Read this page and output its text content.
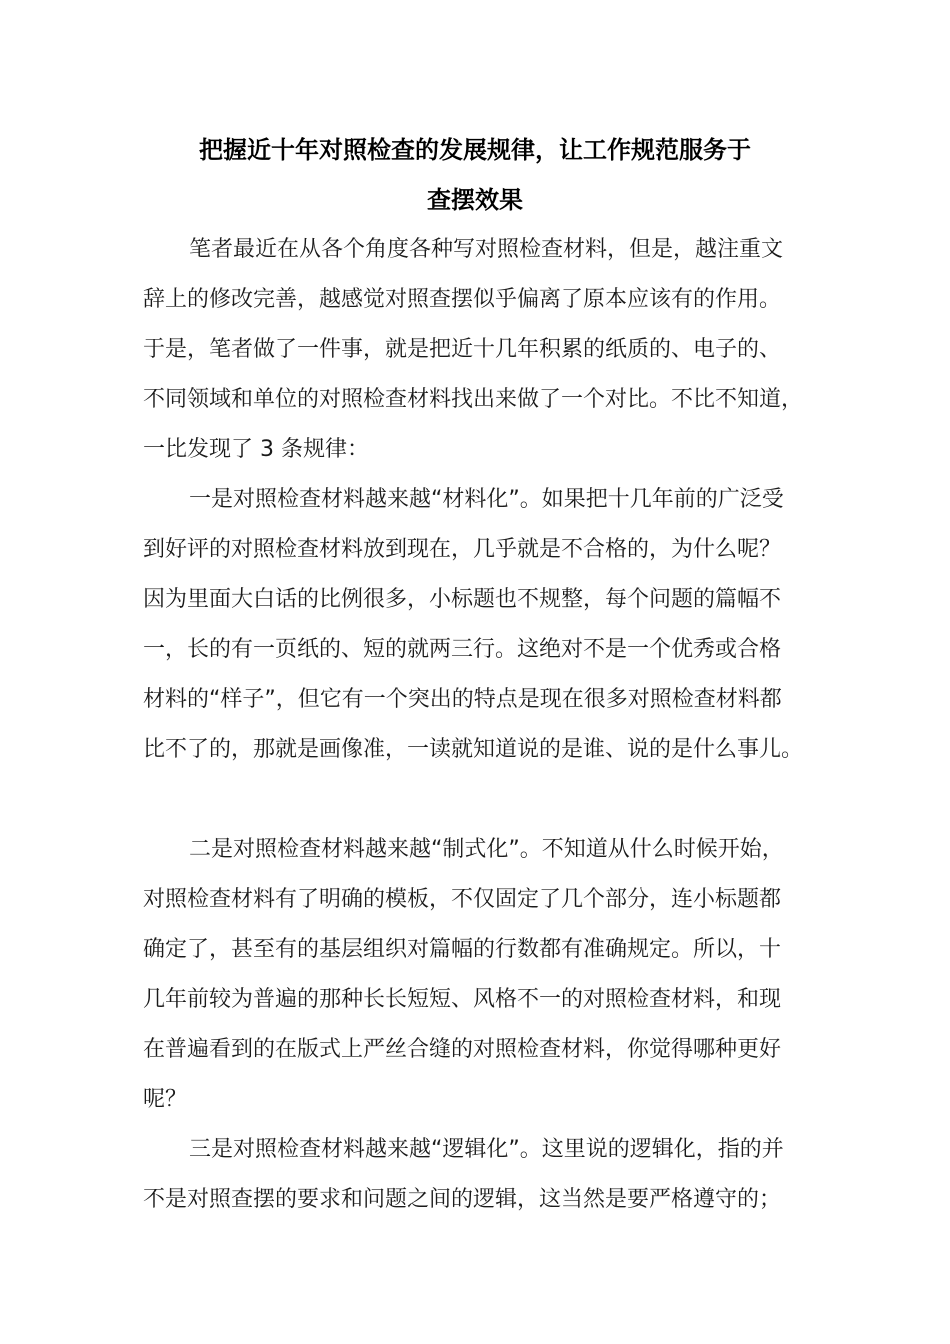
把握近十年对照检查的发展规律，让工作规范服务于
查摆效果
笔者最近在从各个角度各种写对照检查材料，但是，越注重文
辞上的修改完善，越感觉对照查摆似乎偏离了原本应该有的作用。
于是，笔者做了一件事，就是把近十几年积累的纸质的、电子的、
不同领域和单位的对照检查材料找出来做了一个对比。不比不知道，
一比发现了 3 条规律：
一是对照检查材料越来越“材料化”。如果把十几年前的广泛受
到好评的对照检查材料放到现在，几乎就是不合格的，为什么呢？
因为里面大白话的比例很多，小标题也不规整，每个问题的篇幅不
一，长的有一页纸的、短的就两三行。这绝对不是一个优秀或合格
材料的“样子”，但它有一个突出的特点是现在很多对照检查材料都
比不了的，那就是画像准，一读就知道说的是谁、说的是什么事儿。
二是对照检查材料越来越“制式化”。不知道从什么时候开始，
对照检查材料有了明确的模板，不仅固定了几个部分，连小标题都
确定了，甚至有的基层组织对篇幅的行数都有准确规定。所以，十
几年前较为普遍的那种长长短短、风格不一的对照检查材料，和现
在普遍看到的在版式上严丝合缝的对照检查材料，你觉得哪种更好
呢？
三是对照检查材料越来越“逻辑化”。这里说的逻辑化，指的并
不是对照查摆的要求和问题之间的逻辑，这当然是要严格遵守的；
